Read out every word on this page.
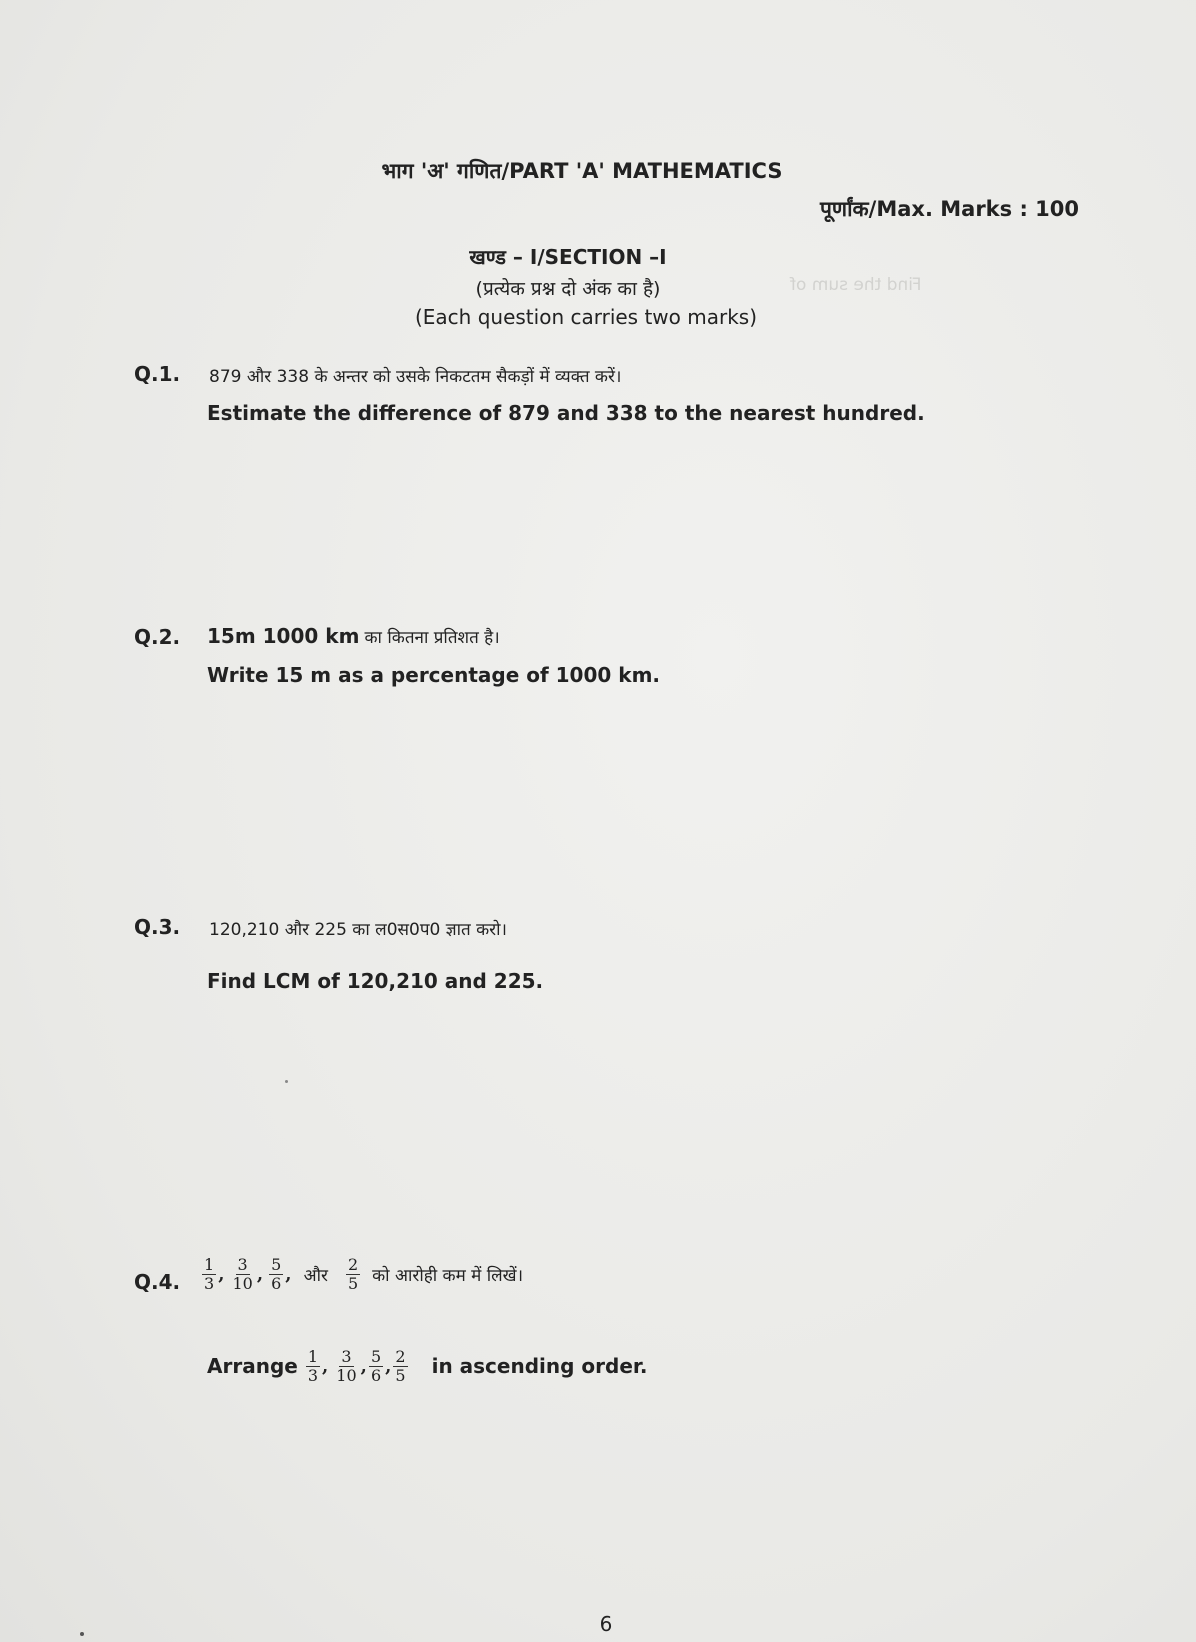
भाग 'अ' गणित/PART 'A' MATHEMATICS
पूर्णांक/Max. Marks : 100
खण्ड – I/SECTION –I
(प्रत्येक प्रश्न दो अंक का है)	Find the sum of
(Each question carries two marks)
Q.1. 879 और 338 के अन्तर को उसके निकटतम सैकड़ों में व्यक्त करें।
Estimate the difference of 879 and 338 to the nearest hundred.
Q.2. 15m 1000 km का कितना प्रतिशत है।
Write 15 m as a percentage of 1000 km.
Q.3. 120,210 और 225 का ल0स0प0 ज्ञात करो।
Find LCM of 120,210 and 225.
Q.4. $\frac{1}{3}$ , $\frac{3}{10}$ , $\frac{5}{6}$ , और $\frac{2}{5}$ को आरोही कम में लिखें।
Arrange $\frac{1}{3}$ , $\frac{3}{10}$ , $\frac{5}{6}$ , $\frac{2}{5}$ in ascending order.
6
